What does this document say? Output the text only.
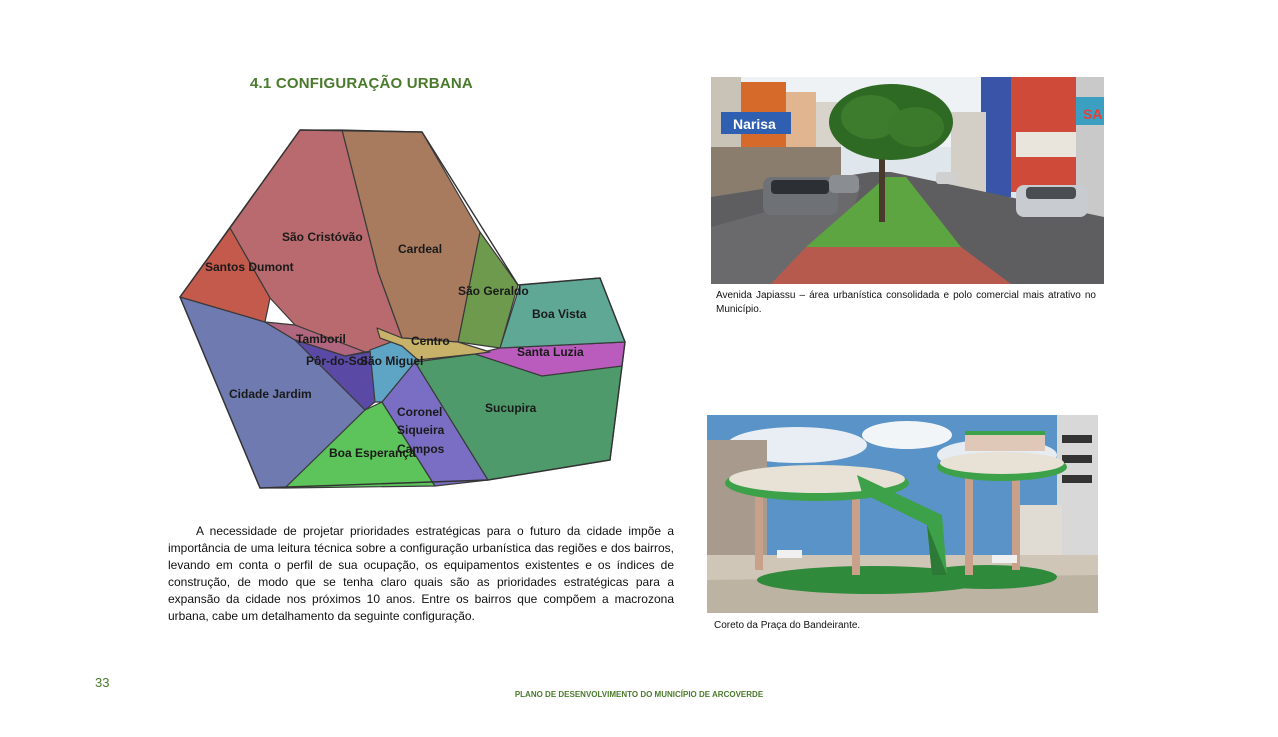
4.1 CONFIGURAÇÃO URBANA
São Cristóvão
Cardeal
Santos Dumont
São Geraldo
Boa Vista
Santa Luzia
Centro
Tamboril
Pôr-do-Sol
São Miguel
Cidade Jardim
Sucupira
Coronel
Siqueira
Campos
Boa Esperança
A necessidade de projetar prioridades estratégicas para o futuro da cidade impõe a importância de uma leitura técnica sobre a configuração urbanística das regiões e dos bairros, levando em conta o perfil de sua ocupação, os equipamentos existentes e os índices de construção, de modo que se tenha claro quais são as prioridades estratégicas para a expansão da cidade nos próximos 10 anos. Entre os bairros que compõem a macrozona urbana, cabe um detalhamento da seguinte configuração.
Narisa
SA
Avenida Japiassu – área urbanística consolidada e polo comercial mais atrativo no Município.
Coreto da Praça do Bandeirante.
33
PLANO DE DESENVOLVIMENTO DO MUNICÍPIO DE ARCOVERDE
